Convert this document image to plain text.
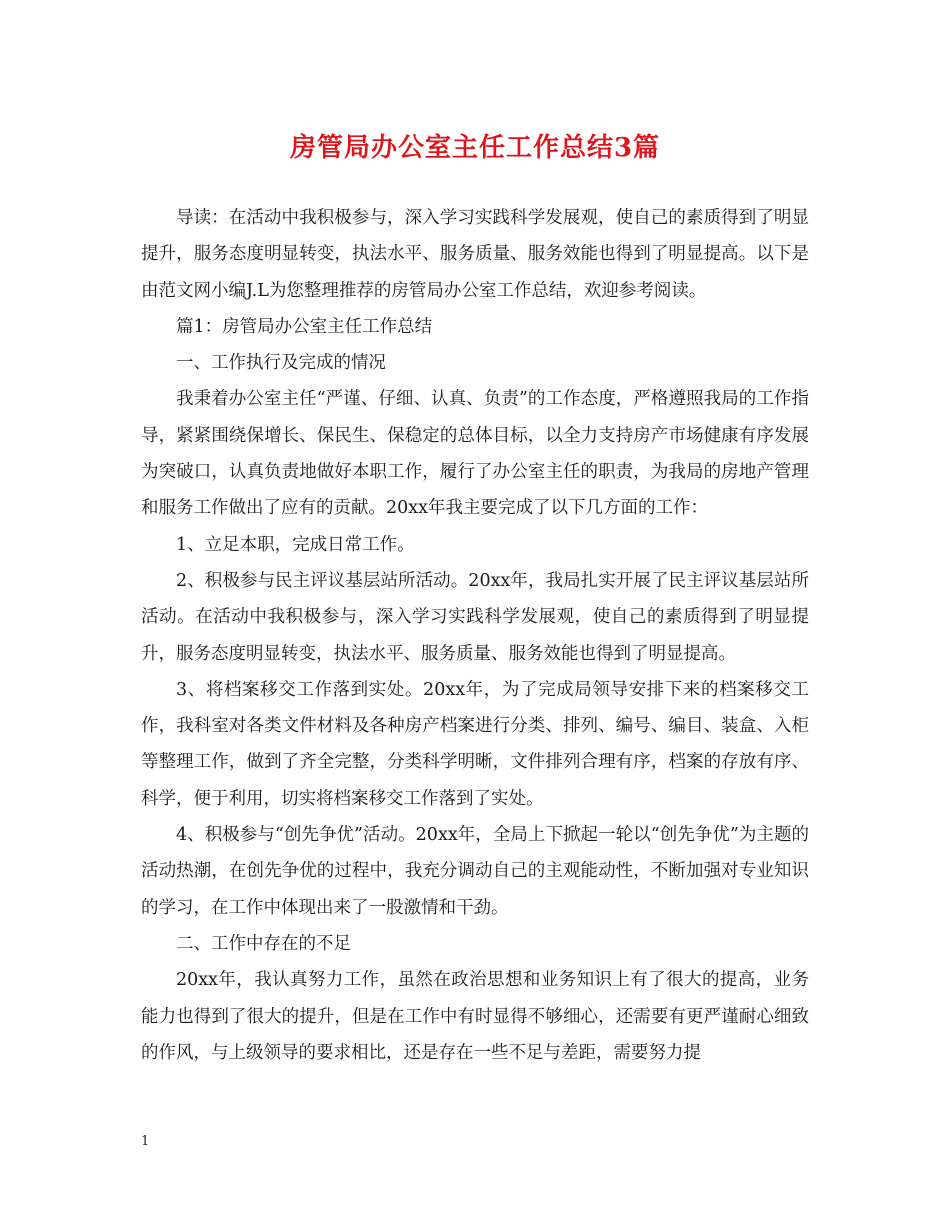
房管局办公室主任工作总结3篇

导读：在活动中我积极参与，深入学习实践科学发展观，使自己的素质得到了明显提升，服务态度明显转变，执法水平、服务质量、服务效能也得到了明显提高。以下是由范文网小编J.L为您整理推荐的房管局办公室工作总结，欢迎参考阅读。

篇1：房管局办公室主任工作总结

一、工作执行及完成的情况

我秉着办公室主任“严谨、仔细、认真、负责”的工作态度，严格遵照我局的工作指导，紧紧围绕保增长、保民生、保稳定的总体目标，以全力支持房产市场健康有序发展为突破口，认真负责地做好本职工作，履行了办公室主任的职责，为我局的房地产管理和服务工作做出了应有的贡献。20xx年我主要完成了以下几方面的工作：

1、立足本职，完成日常工作。

2、积极参与民主评议基层站所活动。20xx年，我局扎实开展了民主评议基层站所活动。在活动中我积极参与，深入学习实践科学发展观，使自己的素质得到了明显提升，服务态度明显转变，执法水平、服务质量、服务效能也得到了明显提高。

3、将档案移交工作落到实处。20xx年，为了完成局领导安排下来的档案移交工作，我科室对各类文件材料及各种房产档案进行分类、排列、编号、编目、装盒、入柜等整理工作，做到了齐全完整，分类科学明晰，文件排列合理有序，档案的存放有序、科学，便于利用，切实将档案移交工作落到了实处。

4、积极参与“创先争优”活动。20xx年，全局上下掀起一轮以“创先争优”为主题的活动热潮，在创先争优的过程中，我充分调动自己的主观能动性，不断加强对专业知识的学习，在工作中体现出来了一股激情和干劲。

二、工作中存在的不足

20xx年，我认真努力工作，虽然在政治思想和业务知识上有了很大的提高，业务能力也得到了很大的提升，但是在工作中有时显得不够细心，还需要有更严谨耐心细致的作风，与上级领导的要求相比，还是存在一些不足与差距，需要努力提

1
